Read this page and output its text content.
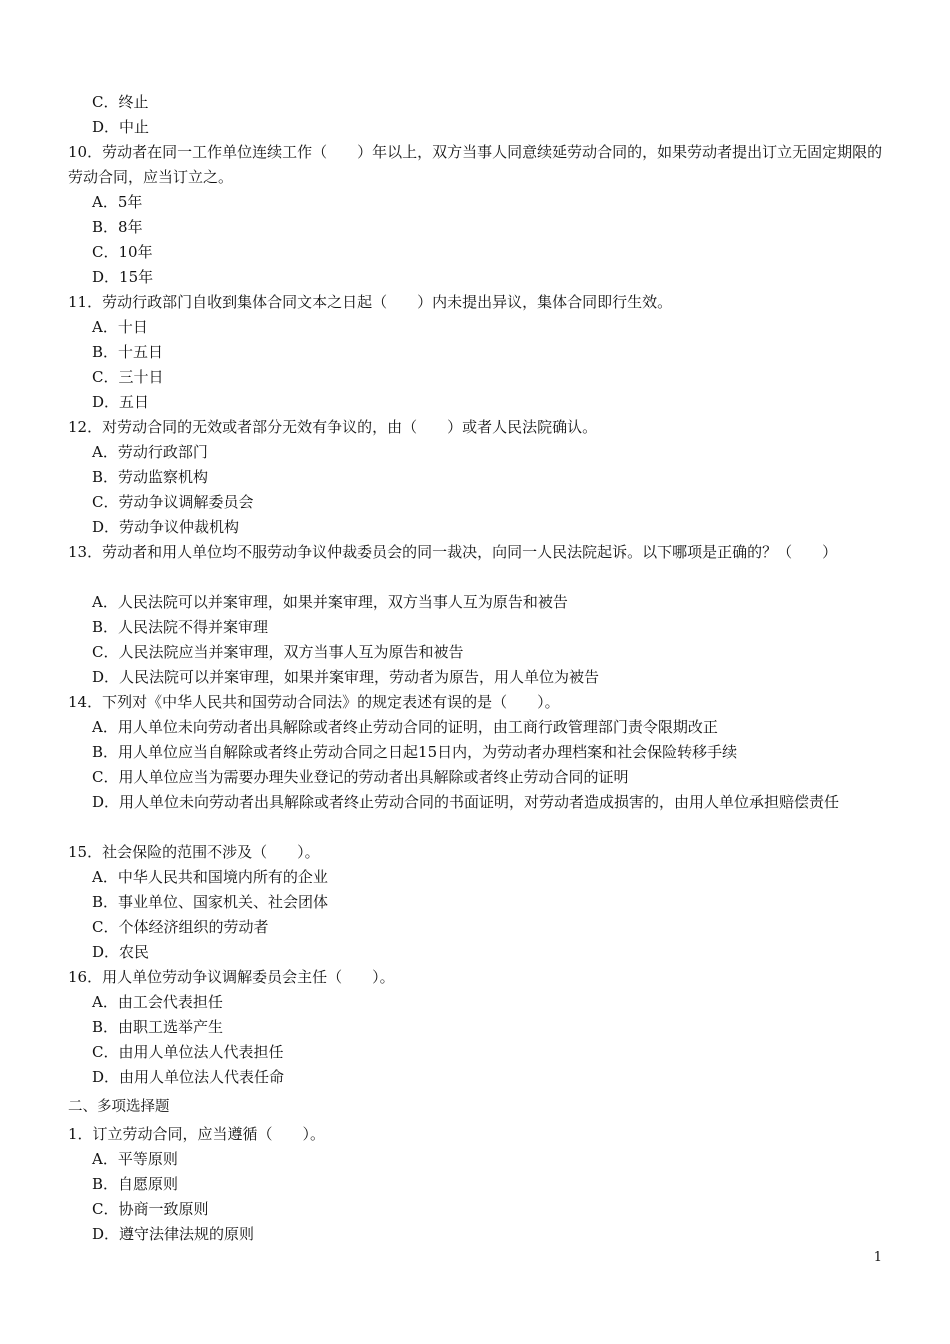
C．终止
D．中止
10．劳动者在同一工作单位连续工作（　　）年以上，双方当事人同意续延劳动合同的，如果劳动者提出订立无固定期限的劳动合同，应当订立之。
A．5年
B．8年
C．10年
D．15年
11．劳动行政部门自收到集体合同文本之日起（　　）内未提出异议，集体合同即行生效。
A．十日
B．十五日
C．三十日
D．五日
12．对劳动合同的无效或者部分无效有争议的，由（　　）或者人民法院确认。
A．劳动行政部门
B．劳动监察机构
C．劳动争议调解委员会
D．劳动争议仲裁机构
13．劳动者和用人单位均不服劳动争议仲裁委员会的同一裁决，向同一人民法院起诉。以下哪项是正确的？（　　）
A．人民法院可以并案审理，如果并案审理，双方当事人互为原告和被告
B．人民法院不得并案审理
C．人民法院应当并案审理，双方当事人互为原告和被告
D．人民法院可以并案审理，如果并案审理，劳动者为原告，用人单位为被告
14．下列对《中华人民共和国劳动合同法》的规定表述有误的是（　　）。
A．用人单位未向劳动者出具解除或者终止劳动合同的证明，由工商行政管理部门责令限期改正
B．用人单位应当自解除或者终止劳动合同之日起15日内，为劳动者办理档案和社会保险转移手续
C．用人单位应当为需要办理失业登记的劳动者出具解除或者终止劳动合同的证明
D．用人单位未向劳动者出具解除或者终止劳动合同的书面证明，对劳动者造成损害的，由用人单位承担赔偿责任
15．社会保险的范围不涉及（　　）。
A．中华人民共和国境内所有的企业
B．事业单位、国家机关、社会团体
C．个体经济组织的劳动者
D．农民
16．用人单位劳动争议调解委员会主任（　　）。
A．由工会代表担任
B．由职工选举产生
C．由用人单位法人代表担任
D．由用人单位法人代表任命
二、多项选择题
1．订立劳动合同，应当遵循（　　）。
A．平等原则
B．自愿原则
C．协商一致原则
D．遵守法律法规的原则
1
